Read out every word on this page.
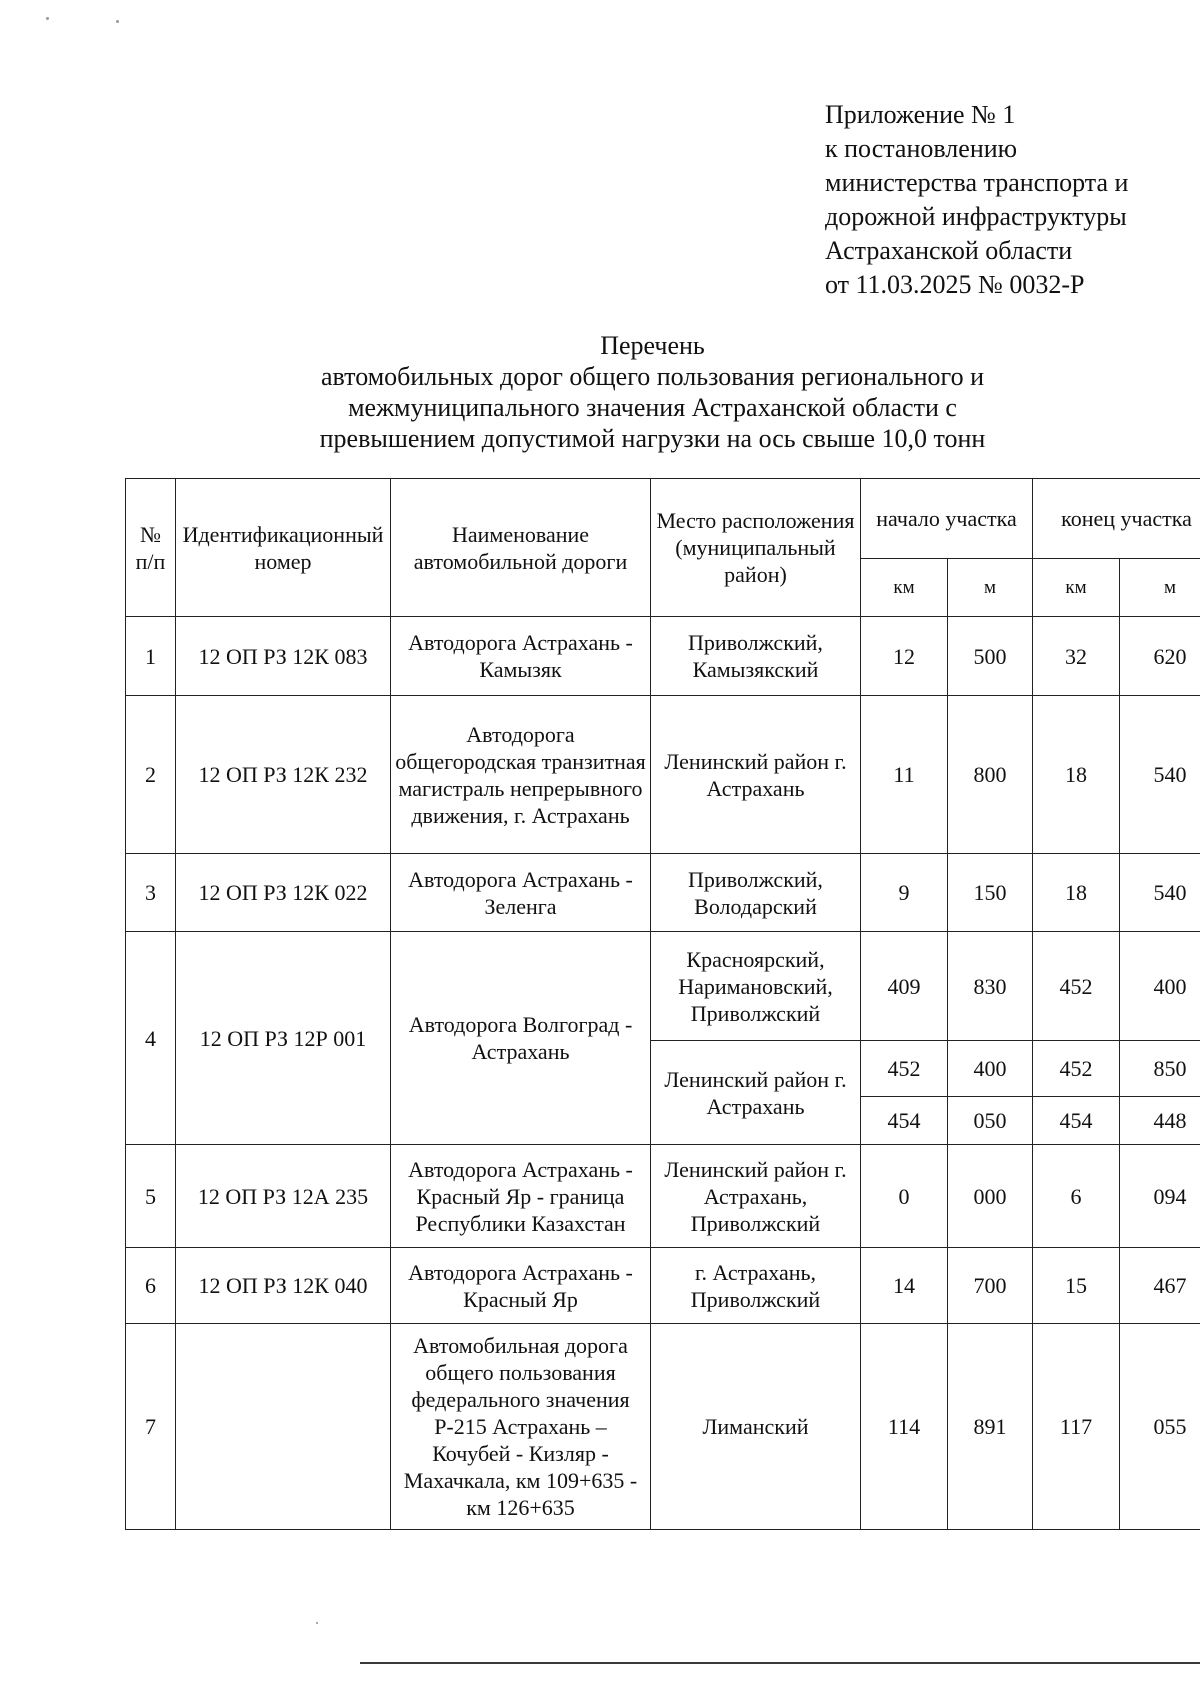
Приложение № 1
к постановлению
министерства транспорта и
дорожной инфраструктуры
Астраханской области
от 11.03.2025 № 0032-Р
Перечень
автомобильных дорог общего пользования регионального и
межмуниципального значения Астраханской области с
превышением допустимой нагрузки на ось свыше 10,0 тонн
№ п/п	Идентификационный номер	Наименование автомобильной дороги	Место расположения (муниципальный район)	начало участка		конец участка	
				км	м	км	м
1	12 ОП РЗ 12К 083	Автодорога Астрахань - Камызяк	Приволжский, Камызякский	12	500	32	620
2	12 ОП РЗ 12К 232	Автодорога общегородская транзитная магистраль непрерывного движения, г. Астрахань	Ленинский район г. Астрахань	11	800	18	540
3	12 ОП РЗ 12К 022	Автодорога Астрахань - Зеленга	Приволжский, Володарский	9	150	18	540
4	12 ОП РЗ 12Р 001	Автодорога Волгоград - Астрахань	Красноярский, Наримановский, Приволжский	409	830	452	400
			Ленинский район г. Астрахань	452	400	452	850
				454	050	454	448
5	12 ОП РЗ 12А 235	Автодорога Астрахань - Красный Яр - граница Республики Казахстан	Ленинский район г. Астрахань, Приволжский	0	000	6	094
6	12 ОП РЗ 12К 040	Автодорога Астрахань - Красный Яр	г. Астрахань, Приволжский	14	700	15	467
7		Автомобильная дорога общего пользования федерального значения Р-215 Астрахань – Кочубей - Кизляр - Махачкала, км 109+635 - км 126+635	Лиманский	114	891	117	055
